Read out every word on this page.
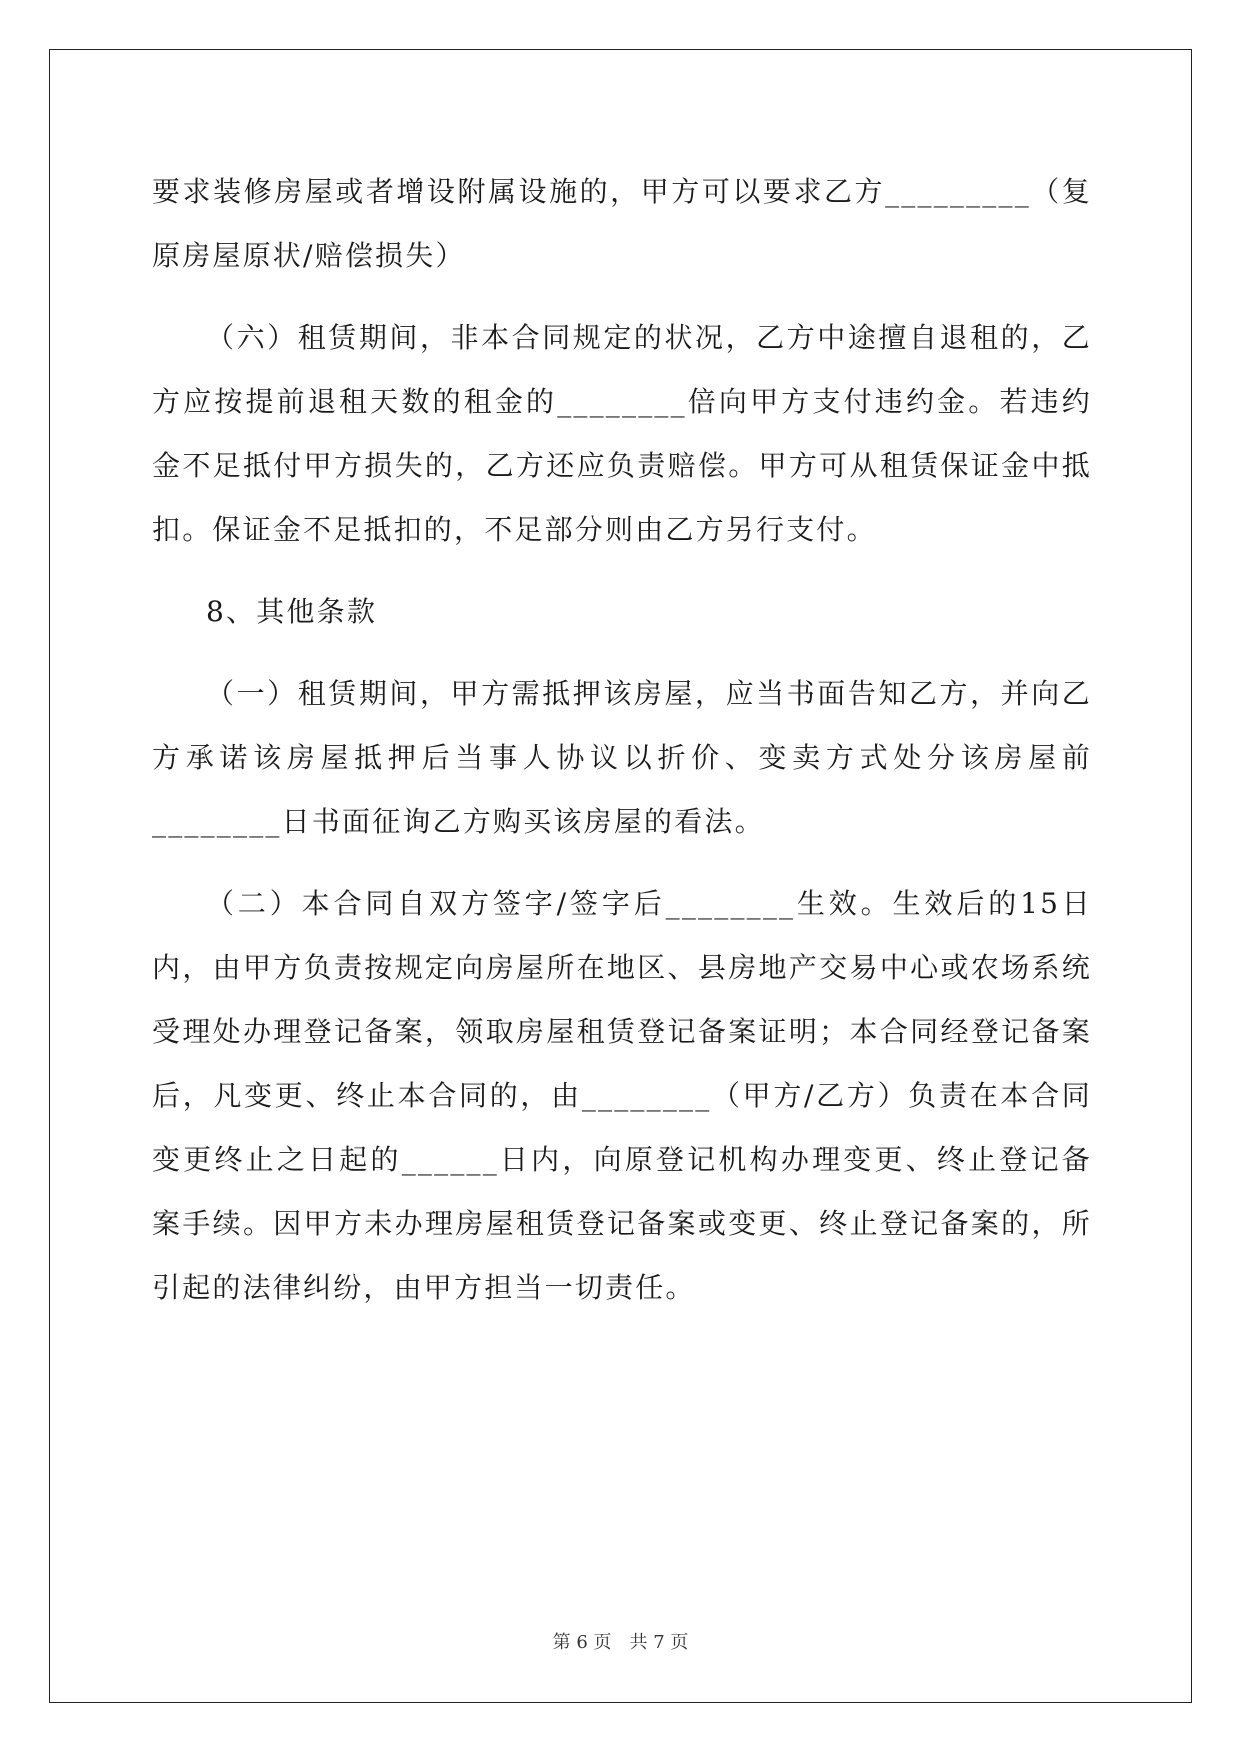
要求装修房屋或者增设附属设施的，甲方可以要求乙方_________（复原房屋原状/赔偿损失）

（六）租赁期间，非本合同规定的状况，乙方中途擅自退租的，乙方应按提前退租天数的租金的________倍向甲方支付违约金。若违约金不足抵付甲方损失的，乙方还应负责赔偿。甲方可从租赁保证金中抵扣。保证金不足抵扣的，不足部分则由乙方另行支付。

8、其他条款

（一）租赁期间，甲方需抵押该房屋，应当书面告知乙方，并向乙方承诺该房屋抵押后当事人协议以折价、变卖方式处分该房屋前________日书面征询乙方购买该房屋的看法。

（二）本合同自双方签字/签字后________生效。生效后的15日内，由甲方负责按规定向房屋所在地区、县房地产交易中心或农场系统受理处办理登记备案，领取房屋租赁登记备案证明；本合同经登记备案后，凡变更、终止本合同的，由________（甲方/乙方）负责在本合同变更终止之日起的______日内，向原登记机构办理变更、终止登记备案手续。因甲方未办理房屋租赁登记备案或变更、终止登记备案的，所引起的法律纠纷，由甲方担当一切责任。

第 6 页 共 7 页
